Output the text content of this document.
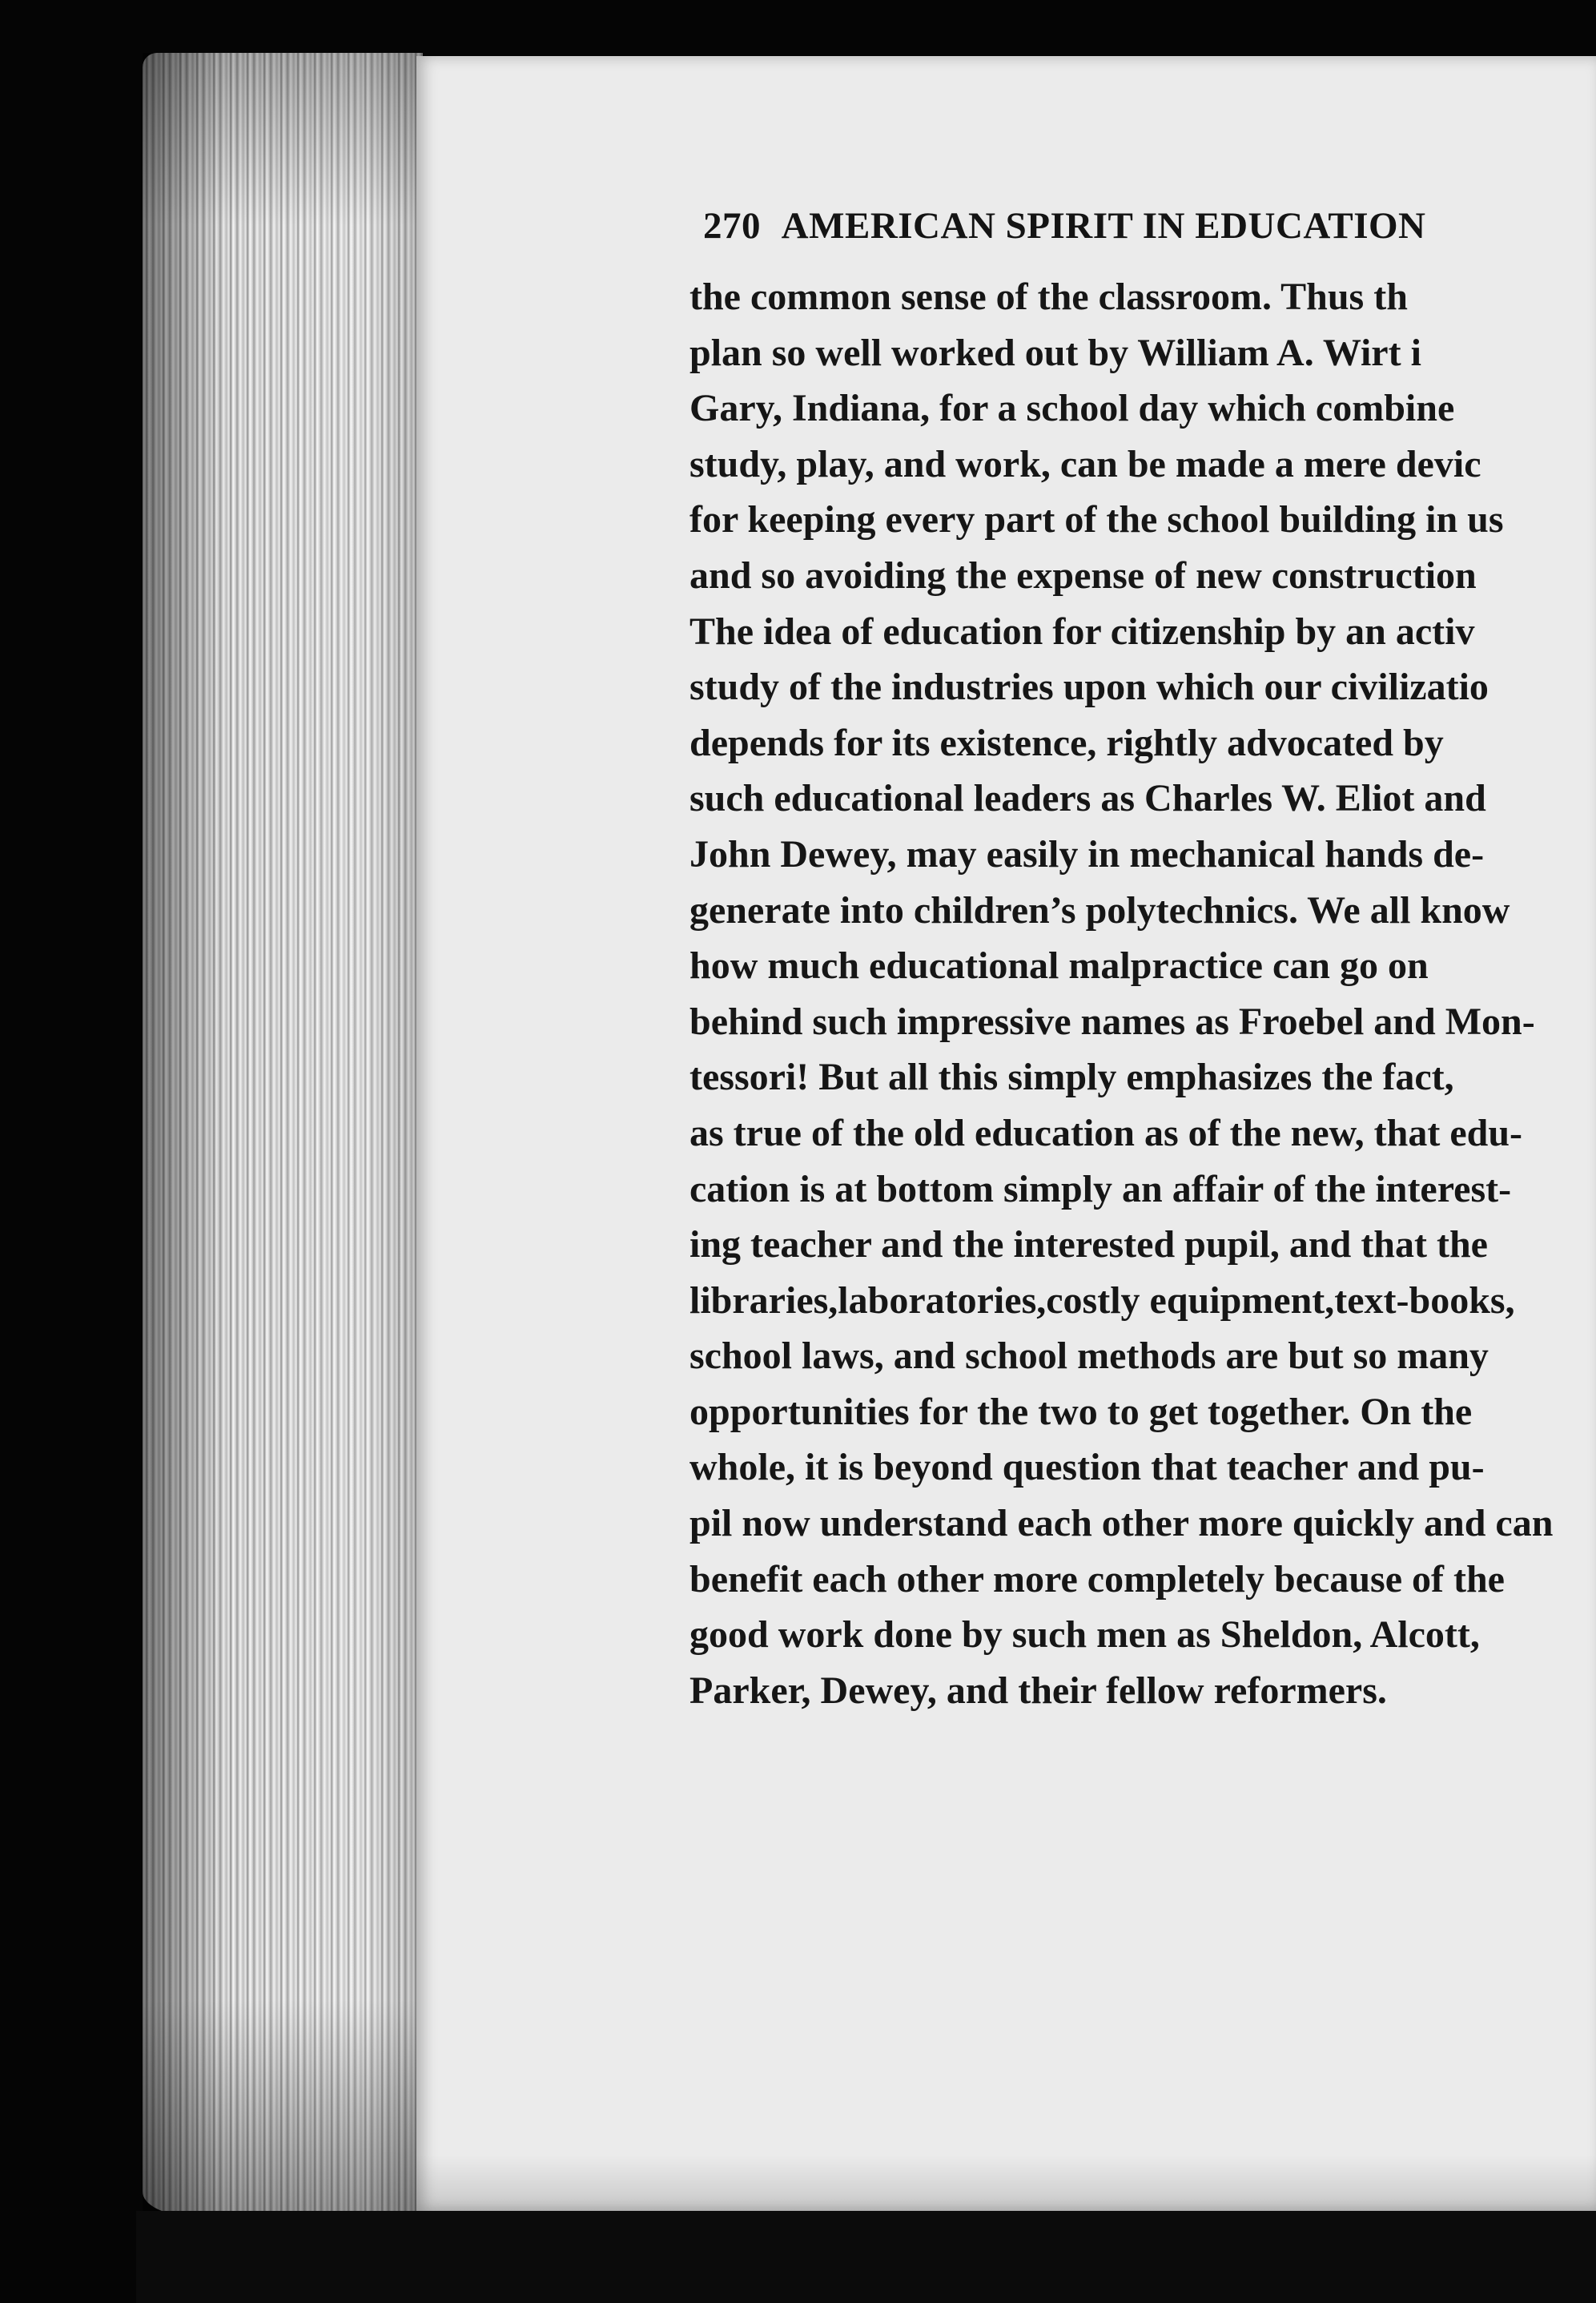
270 AMERICAN SPIRIT IN EDUCATION
the common sense of the classroom. Thus th
plan so well worked out by William A. Wirt i
Gary, Indiana, for a school day which combine
study, play, and work, can be made a mere devic
for keeping every part of the school building in us
and so avoiding the expense of new construction
The idea of education for citizenship by an activ
study of the industries upon which our civilizatio
depends for its existence, rightly advocated by
such educational leaders as Charles W. Eliot and
John Dewey, may easily in mechanical hands de-
generate into children’s polytechnics. We all know
how much educational malpractice can go on
behind such impressive names as Froebel and Mon-
tessori! But all this simply emphasizes the fact,
as true of the old education as of the new, that edu-
cation is at bottom simply an affair of the interest-
ing teacher and the interested pupil, and that the
libraries,laboratories,costly equipment,text-books,
school laws, and school methods are but so many
opportunities for the two to get together. On the
whole, it is beyond question that teacher and pu-
pil now understand each other more quickly and can
benefit each other more completely because of the
good work done by such men as Sheldon, Alcott,
Parker, Dewey, and their fellow reformers.
